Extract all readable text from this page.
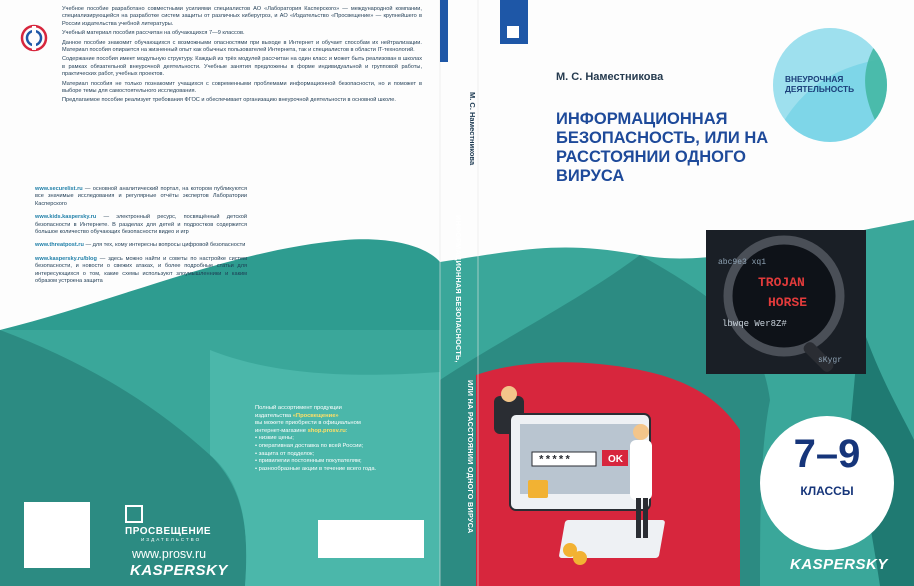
Учебное пособие разработано совместными усилиями специалистов АО «Лаборатория Касперского» — международной компании, специализирующейся на разработке систем защиты от различных киберугроз, и АО «Издательство «Просвещение» — крупнейшего в России издательства учебной литературы.

Учебный материал пособия рассчитан на обучающихся 7—9 классов.

Данное пособие знакомит обучающихся с возможными опасностями при выходе в Интернет и обучает способам их нейтрализации. Материал пособия опирается на жизненный опыт как обычных пользователей Интернета, так и специалистов в области IT-технологий.

Содержание пособия имеет модульную структуру. Каждый из трёх модулей рассчитан на один класс и может быть реализован в школах в рамках обязательной внеурочной деятельности. Учебные занятия предложены в форме индивидуальной и групповой работы, практических работ, учебных проектов.

Материал пособия не только познакомит учащихся с современными проблемами информационной безопасности, но и поможет в выборе темы для самостоятельного исследования.

Предлагаемое пособие реализует требования ФГОС и обеспечивает организацию внеурочной деятельности в основной школе.

www.securelist.ru — основной аналитический портал, на котором публикуются все значимые исследования и регулярные отчёты экспертов Лаборатории Касперского

www.kids.kaspersky.ru — электронный ресурс, посвящённый детской безопасности в Интернете. В разделах для детей и подростков содержится большое количество обучающих безопасности видео и игр

www.threatpost.ru — для тех, кому интересны вопросы цифровой безопасности

www.kaspersky.ru/blog — здесь можно найти и советы по настройке систем безопасности, и новости о свежих атаках, и более подробные статьи для интересующихся о том, какие схемы используют злоумышленники и каким образом устроена защита

Полный ассортимент продукции
издательства «Просвещение»
вы можете приобрести в официальном
интернет-магазине shop.prosv.ru:
• низкие цены;
• оперативная доставка по всей России;
• защита от подделок;
• привилегии постоянным покупателям;
• разнообразные акции в течение всего года.
ПРОСВЕЩЕНИЕ
ИЗДАТЕЛЬСТВО
www.prosv.ru
KASPERSKY
М. С. Наместникова
ИНФОРМАЦИОННАЯ БЕЗОПАСНОСТЬ,
ИЛИ НА РАССТОЯНИИ ОДНОГО ВИРУСА
М. С. Наместникова
ИНФОРМАЦИОННАЯ БЕЗОПАСНОСТЬ, ИЛИ НА РАССТОЯНИИ ОДНОГО ВИРУСА
ВНЕУРОЧНАЯ ДЕЯТЕЛЬНОСТЬ
TROJAN
HORSE
abc9e3 xq1
lbwqe Wer8Z#
sKygr
*****	OK	7–9
КЛАССЫ
KASPERSKY
